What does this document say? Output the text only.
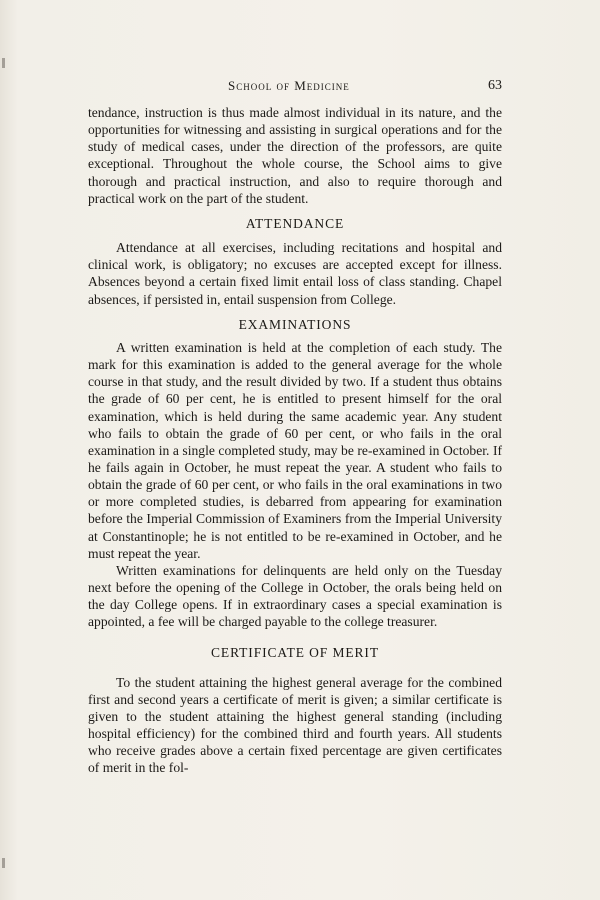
School of Medicine	63

tendance, instruction is thus made almost individual in its nature, and the opportunities for witnessing and assisting in surgical operations and for the study of medical cases, under the direction of the professors, are quite exceptional. Throughout the whole course, the School aims to give thorough and practical instruction, and also to require thorough and practical work on the part of the student.

ATTENDANCE

Attendance at all exercises, including recitations and hospital and clinical work, is obligatory; no excuses are accepted except for illness. Absences beyond a certain fixed limit entail loss of class standing. Chapel absences, if persisted in, entail suspension from College.

EXAMINATIONS

A written examination is held at the completion of each study. The mark for this examination is added to the general average for the whole course in that study, and the result divided by two. If a student thus obtains the grade of 60 per cent, he is entitled to present himself for the oral examination, which is held during the same academic year. Any student who fails to obtain the grade of 60 per cent, or who fails in the oral examination in a single completed study, may be re-examined in October. If he fails again in October, he must repeat the year. A student who fails to obtain the grade of 60 per cent, or who fails in the oral examinations in two or more completed studies, is debarred from appearing for examination before the Imperial Commission of Examiners from the Imperial University at Constantinople; he is not entitled to be re-examined in October, and he must repeat the year.

Written examinations for delinquents are held only on the Tuesday next before the opening of the College in October, the orals being held on the day College opens. If in extraordinary cases a special examination is appointed, a fee will be charged payable to the college treasurer.

CERTIFICATE OF MERIT

To the student attaining the highest general average for the combined first and second years a certificate of merit is given; a similar certificate is given to the student attaining the highest general standing (including hospital efficiency) for the combined third and fourth years. All students who receive grades above a certain fixed percentage are given certificates of merit in the fol-
